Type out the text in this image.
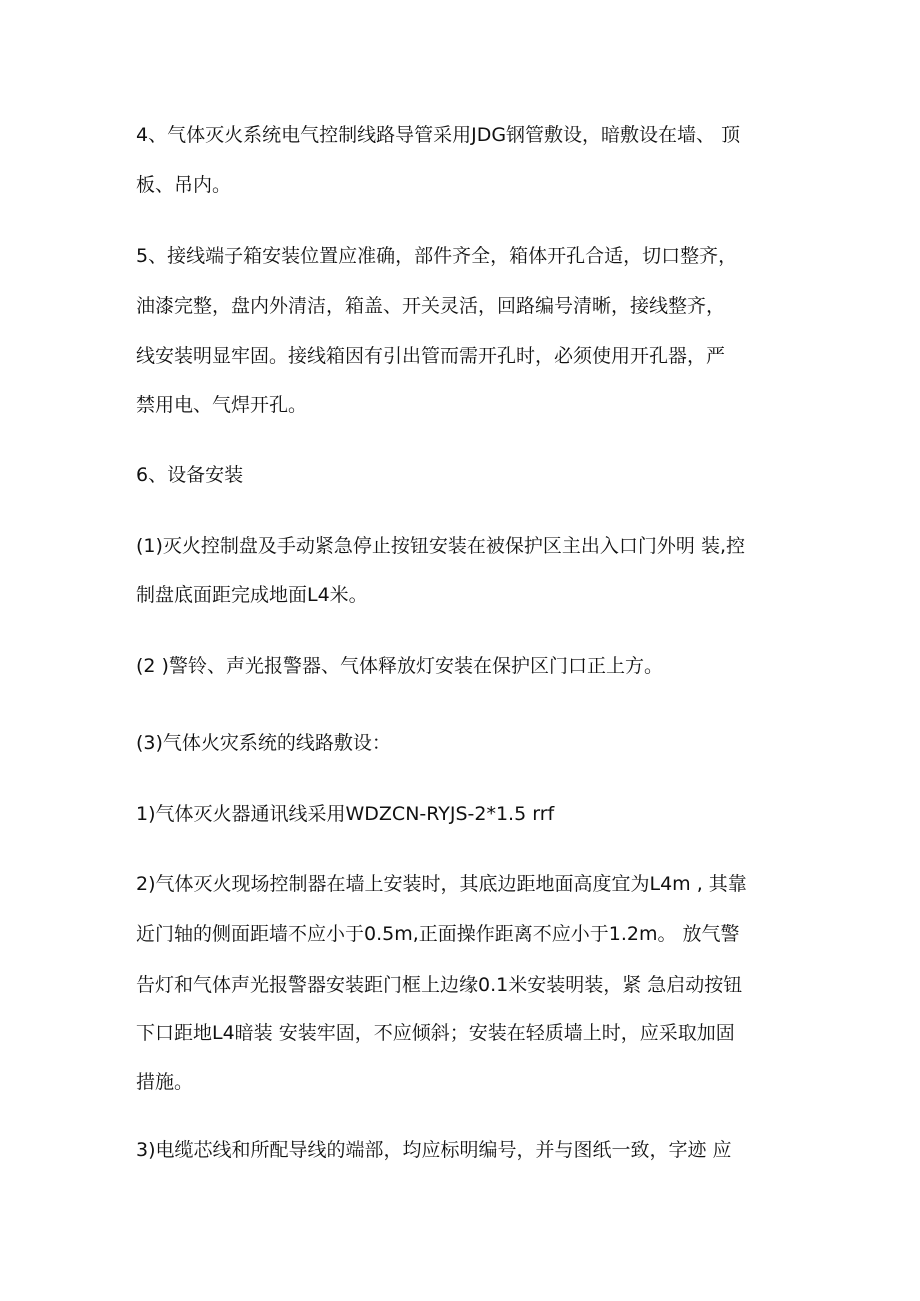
4、气体灭火系统电气控制线路导管采用JDG钢管敷设，暗敷设在墙、 顶
板、吊内。
5、接线端子箱安装位置应准确，部件齐全，箱体开孔合适，切口整齐，
油漆完整，盘内外清洁，箱盖、开关灵活，回路编号清晰，接线整齐，
线安装明显牢固。接线箱因有引出管而需开孔时，必须使用开孔器，严
禁用电、气焊开孔。
6、设备安装
(1)灭火控制盘及手动紧急停止按钮安装在被保护区主出入口门外明 装,控
制盘底面距完成地面L4米。
(2 )警铃、声光报警器、气体释放灯安装在保护区门口正上方。
(3)气体火灾系统的线路敷设：
1)气体灭火器通讯线采用WDZCN-RYJS-2*1.5 rrf
2)气体灭火现场控制器在墙上安装时，其底边距地面高度宜为L4m , 其靠
近门轴的侧面距墙不应小于0.5m,正面操作距离不应小于1.2m。 放气警
告灯和气体声光报警器安装距门框上边缘0.1米安装明装，紧 急启动按钮
下口距地L4暗装 安装牢固，不应倾斜；安装在轻质墙上时，应采取加固
措施。
3)电缆芯线和所配导线的端部，均应标明编号，并与图纸一致，字迹 应
